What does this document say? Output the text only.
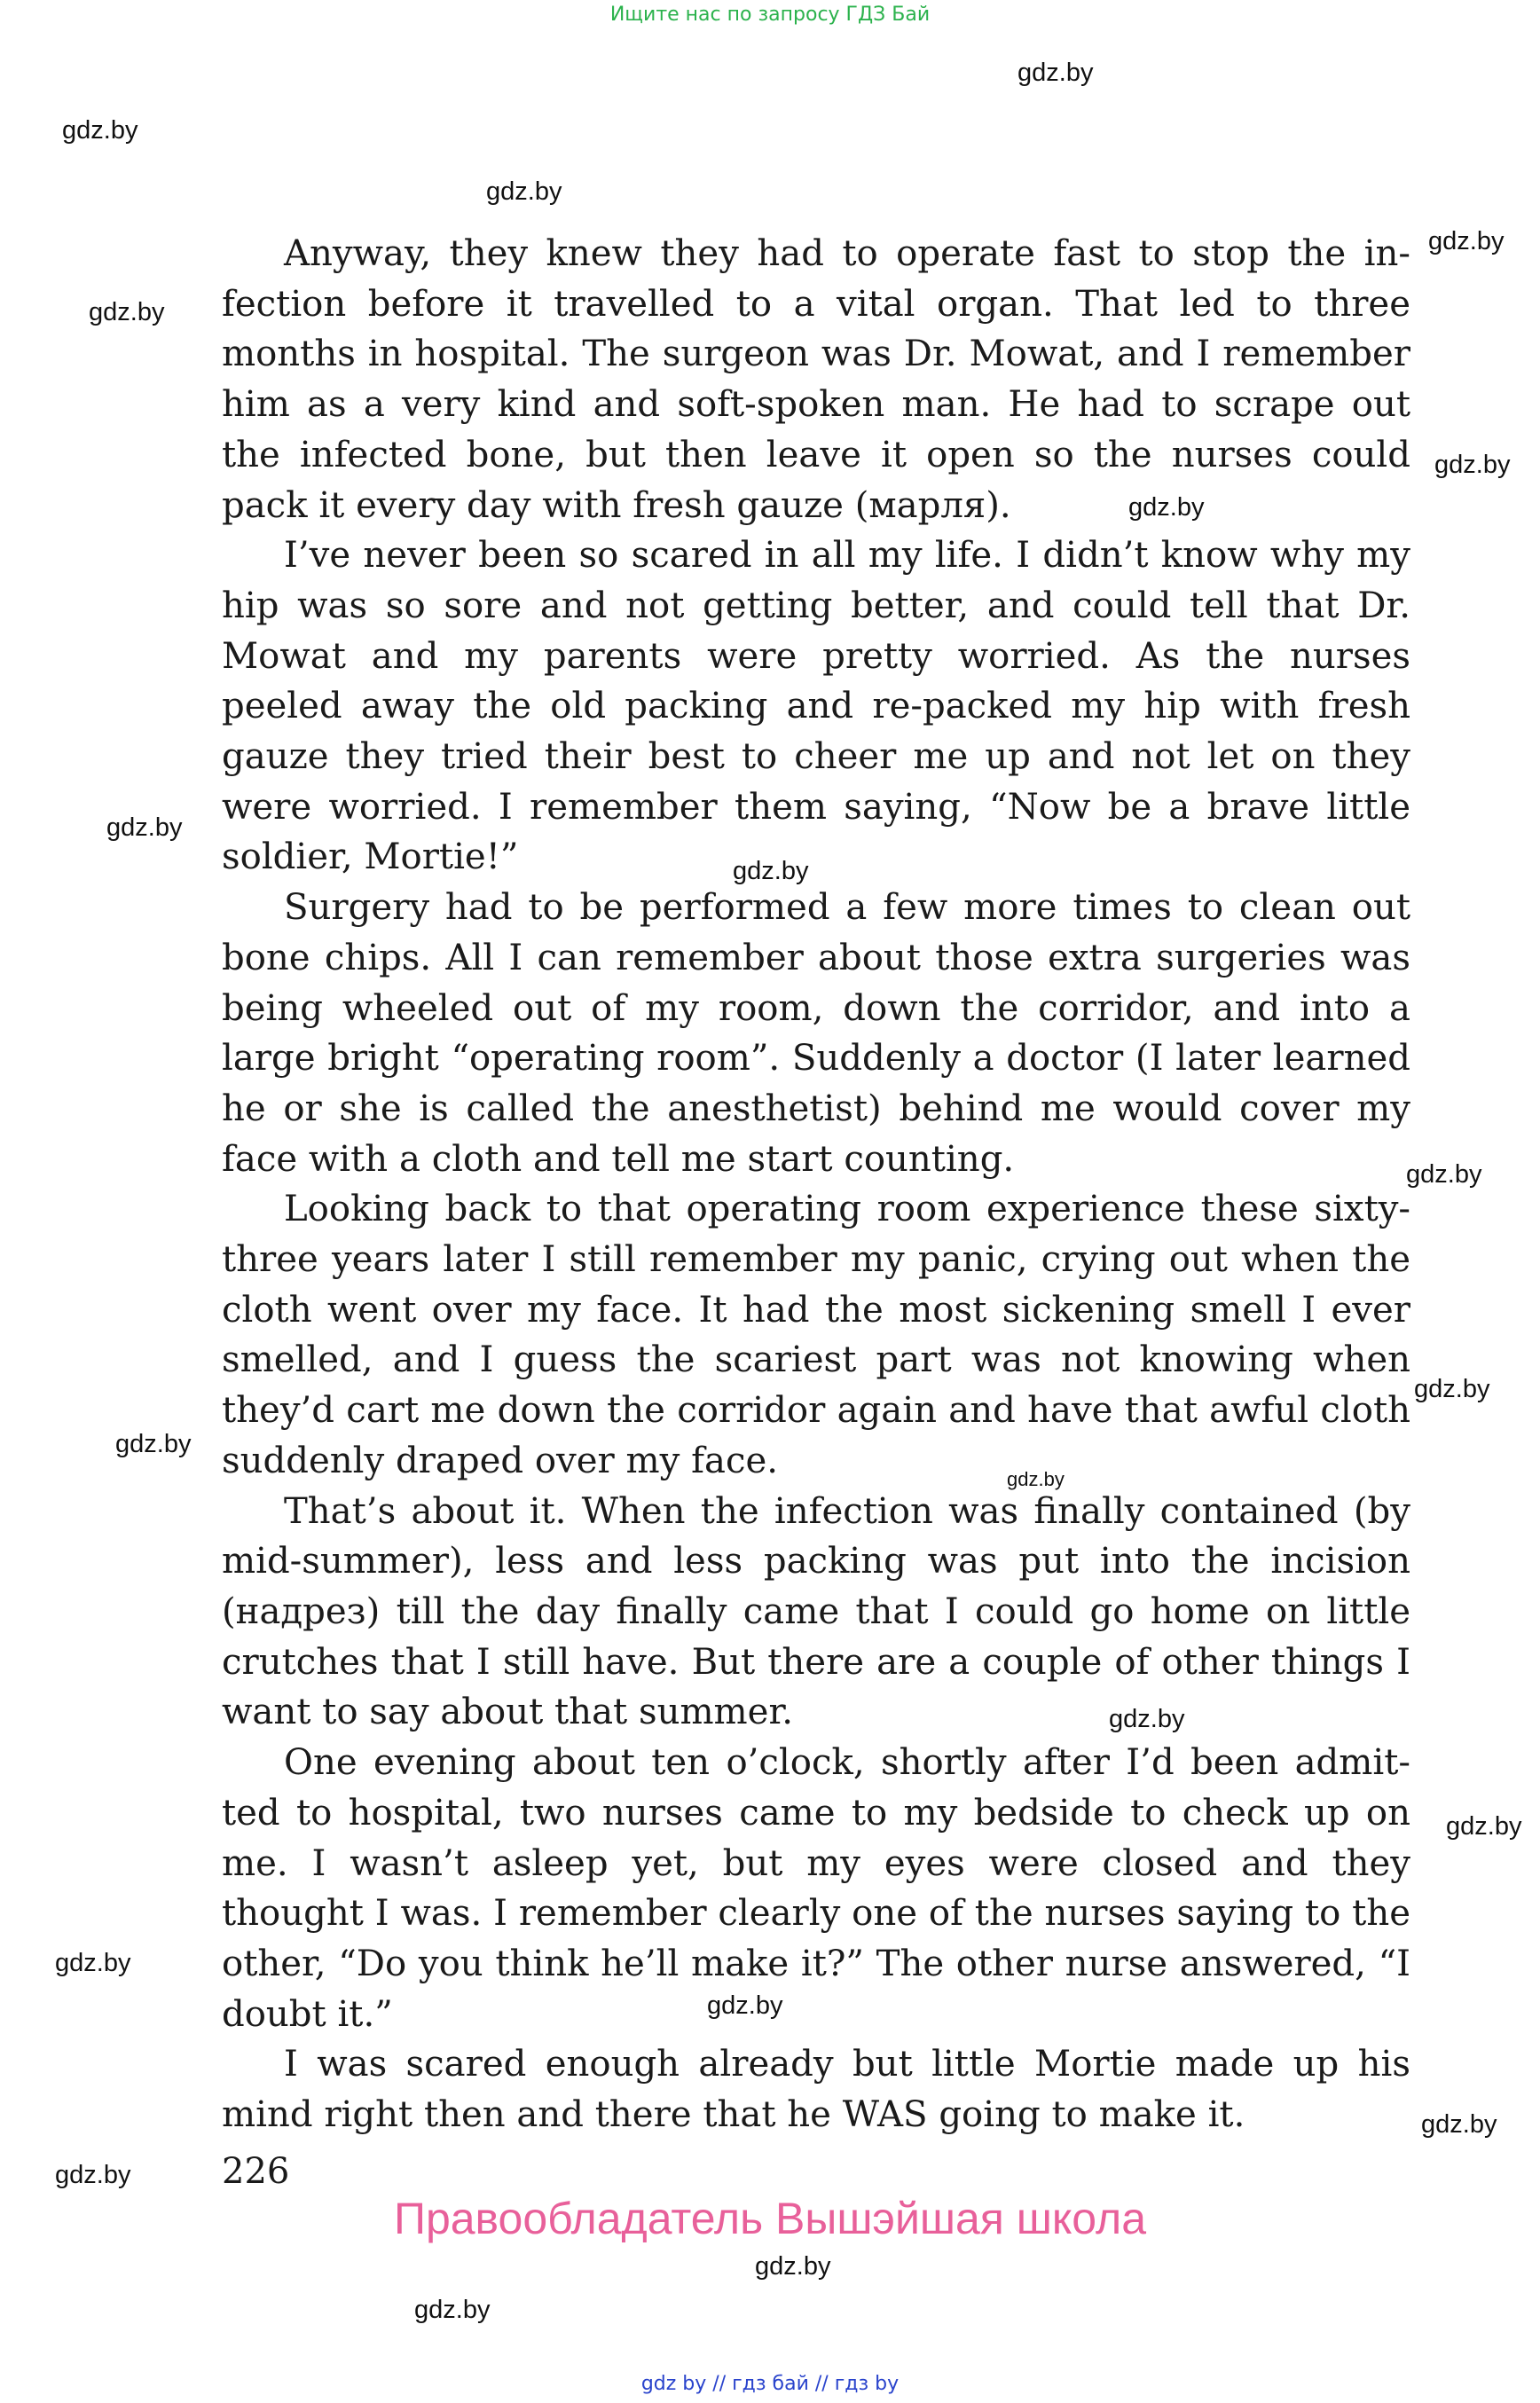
Ищите нас по запросу ГДЗ Бай
gdz.by
gdz.by
gdz.by
gdz.by
gdz.by
gdz.by
gdz.by
gdz.by
gdz.by
gdz.by
gdz.by
gdz.by
gdz.by
gdz.by
gdz.by
gdz.by
gdz.by
gdz.by
gdz.by
gdz.by
gdz.by

Anyway, they knew they had to operate fast to stop the infection before it travelled to a vital organ. That led to three months in hospital. The surgeon was Dr. Mowat, and I remember him as a very kind and soft-spoken man. He had to scrape out the infected bone, but then leave it open so the nurses could pack it every day with fresh gauze (марля).

I’ve never been so scared in all my life. I didn’t know why my hip was so sore and not getting better, and could tell that Dr. Mowat and my parents were pretty worried. As the nurses peeled away the old packing and re-packed my hip with fresh gauze they tried their best to cheer me up and not let on they were worried. I remember them saying, “Now be a brave little soldier, Mortie!”

Surgery had to be performed a few more times to clean out bone chips. All I can remember about those extra surgeries was being wheeled out of my room, down the corridor, and into a large bright “operating room”. Suddenly a doctor (I later learned he or she is called the anesthetist) behind me would cover my face with a cloth and tell me start counting.

Looking back to that operating room experience these sixty-three years later I still remember my panic, crying out when the cloth went over my face. It had the most sickening smell I ever smelled, and I guess the scariest part was not knowing when they’d cart me down the corridor again and have that awful cloth suddenly draped over my face.

That’s about it. When the infection was finally contained (by mid-summer), less and less packing was put into the incision (надрез) till the day finally came that I could go home on little crutches that I still have. But there are a couple of other things I want to say about that summer.

One evening about ten o’clock, shortly after I’d been admitted to hospital, two nurses came to my bedside to check up on me. I wasn’t asleep yet, but my eyes were closed and they thought I was. I remember clearly one of the nurses saying to the other, “Do you think he’ll make it?” The other nurse answered, “I doubt it.”

I was scared enough already but little Mortie made up his mind right then and there that he WAS going to make it.

226
Правообладатель Вышэйшая школа
gdz by // гдз бай // гдз by
